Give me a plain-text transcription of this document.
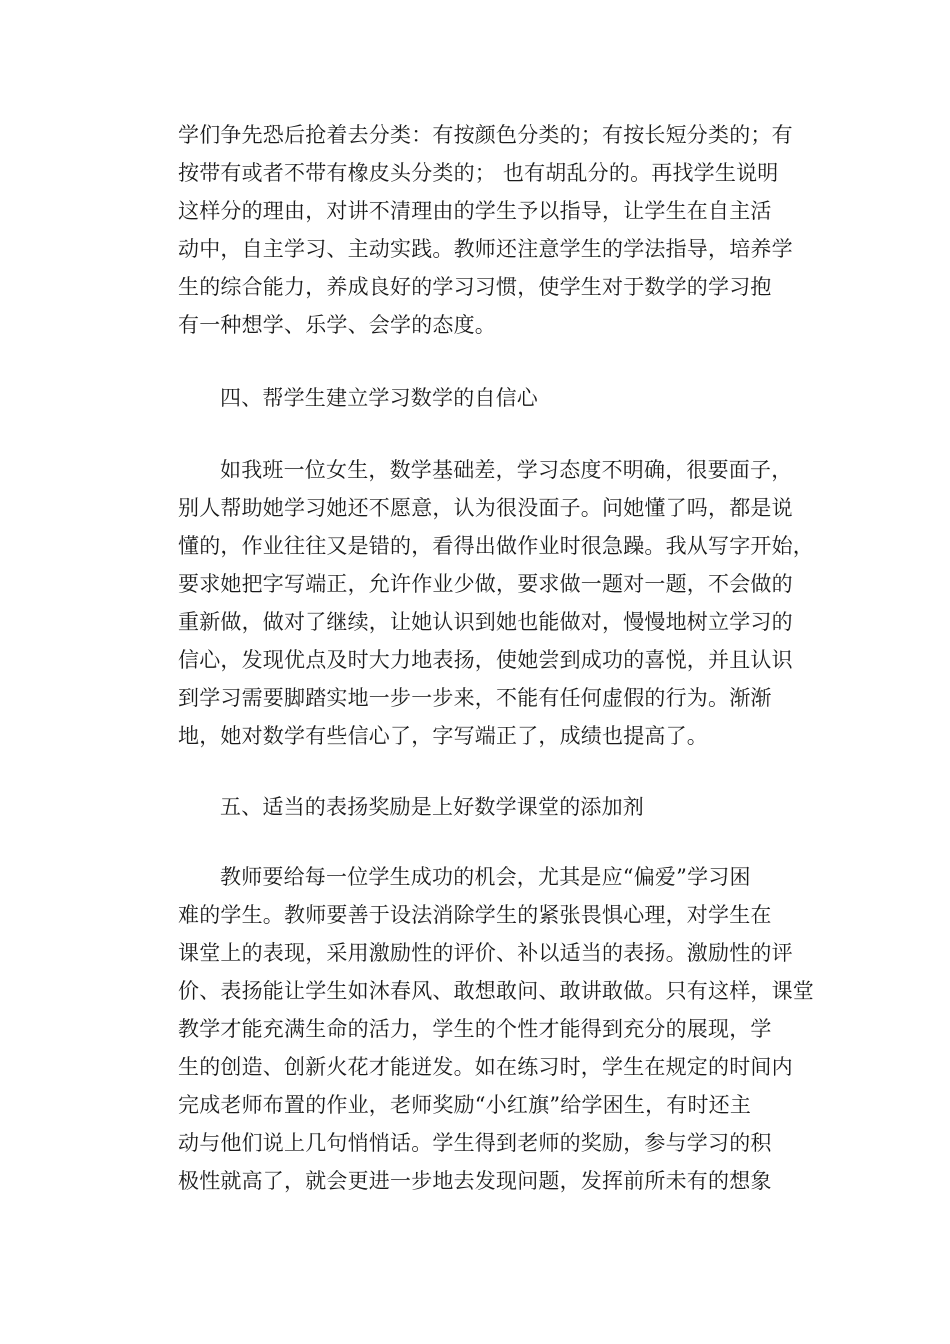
学们争先恐后抢着去分类：有按颜色分类的；有按长短分类的；有
按带有或者不带有橡皮头分类的； 也有胡乱分的。再找学生说明
这样分的理由，对讲不清理由的学生予以指导，让学生在自主活
动中，自主学习、主动实践。教师还注意学生的学法指导，培养学
生的综合能力，养成良好的学习习惯，使学生对于数学的学习抱
有一种想学、乐学、会学的态度。
四、帮学生建立学习数学的自信心
如我班一位女生，数学基础差，学习态度不明确，很要面子，
别人帮助她学习她还不愿意，认为很没面子。问她懂了吗，都是说
懂的，作业往往又是错的，看得出做作业时很急躁。我从写字开始，
要求她把字写端正，允许作业少做，要求做一题对一题，不会做的
重新做，做对了继续，让她认识到她也能做对，慢慢地树立学习的
信心，发现优点及时大力地表扬，使她尝到成功的喜悦，并且认识
到学习需要脚踏实地一步一步来，不能有任何虚假的行为。渐渐
地，她对数学有些信心了，字写端正了，成绩也提高了。
五、适当的表扬奖励是上好数学课堂的添加剂
教师要给每一位学生成功的机会，尤其是应“偏爱”学习困
难的学生。教师要善于设法消除学生的紧张畏惧心理，对学生在
课堂上的表现，采用激励性的评价、补以适当的表扬。激励性的评
价、表扬能让学生如沐春风、敢想敢问、敢讲敢做。只有这样，课堂
教学才能充满生命的活力，学生的个性才能得到充分的展现，学
生的创造、创新火花才能迸发。如在练习时，学生在规定的时间内
完成老师布置的作业，老师奖励“小红旗”给学困生，有时还主
动与他们说上几句悄悄话。学生得到老师的奖励，参与学习的积
极性就高了，就会更进一步地去发现问题，发挥前所未有的想象
